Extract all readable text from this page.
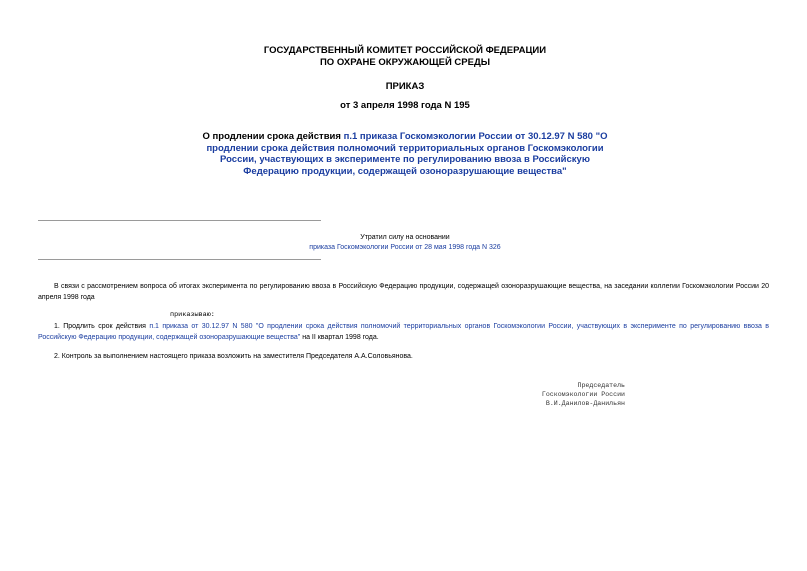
ГОСУДАРСТВЕННЫЙ КОМИТЕТ РОССИЙСКОЙ ФЕДЕРАЦИИ
ПО ОХРАНЕ ОКРУЖАЮЩЕЙ СРЕДЫ
ПРИКАЗ
от 3 апреля 1998 года N 195
О продлении срока действия п.1 приказа Госкомэкологии России от 30.12.97 N 580 "О продлении срока действия полномочий территориальных органов Госкомэкологии России, участвующих в эксперименте по регулированию ввоза в Российскую Федерацию продукции, содержащей озоноразрушающие вещества"
Утратил силу на основании
приказа Госкомэкологии России от 28 мая 1998 года N 326
В связи с рассмотрением вопроса об итогах эксперимента по регулированию ввоза в Российскую Федерацию продукции, содержащей озоноразрушающие вещества, на заседании коллегии Госкомэкологии России 20 апреля 1998 года
приказываю:
1. Продлить срок действия п.1 приказа от 30.12.97 N 580 "О продлении срока действия полномочий территориальных органов Госкомэкологии России, участвующих в эксперименте по регулированию ввоза в Российскую Федерацию продукции, содержащей озоноразрушающие вещества" на II квартал 1998 года.
2. Контроль за выполнением настоящего приказа возложить на заместителя Председателя А.А.Соловьянова.
Председатель
Госкомэкологии России
В.И.Данилов-Данильян
